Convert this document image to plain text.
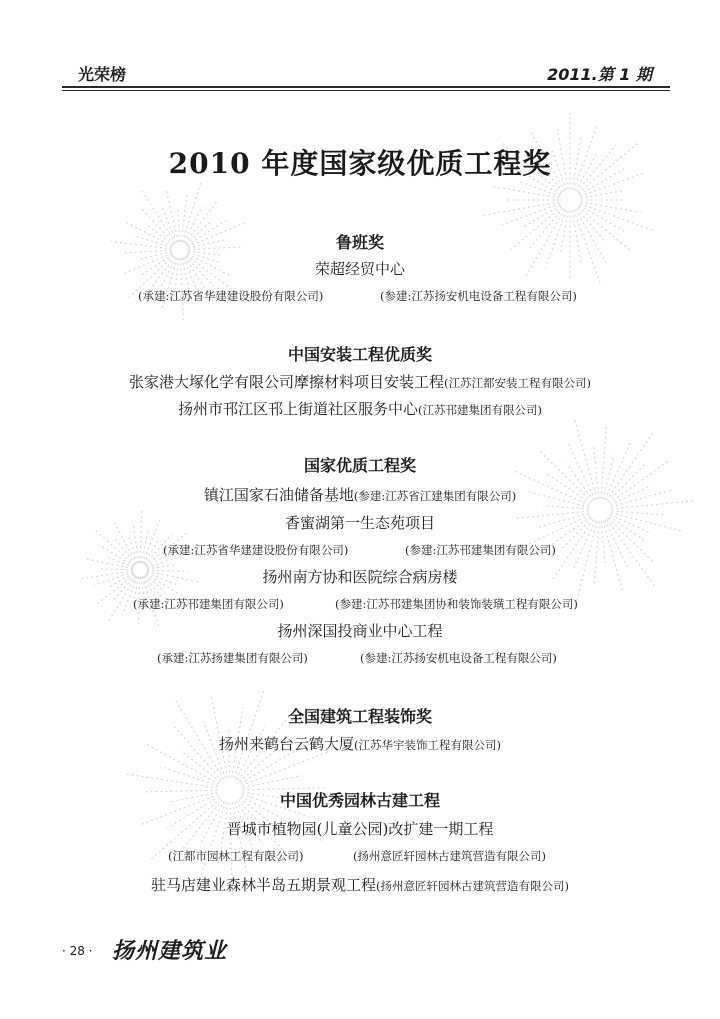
光荣榜	2011.第 1 期
2010 年度国家级优质工程奖
鲁班奖
荣超经贸中心
(承建:江苏省华建建设股份有限公司)	(参建:江苏扬安机电设备工程有限公司)
中国安装工程优质奖
张家港大塚化学有限公司摩擦材料项目安装工程(江苏江都安装工程有限公司)
扬州市邗江区邗上街道社区服务中心(江苏邗建集团有限公司)
国家优质工程奖
镇江国家石油储备基地(参建:江苏省江建集团有限公司)
香蜜湖第一生态苑项目
(承建:江苏省华建建设股份有限公司)	(参建:江苏邗建集团有限公司)
扬州南方协和医院综合病房楼
(承建:江苏邗建集团有限公司)	(参建:江苏邗建集团协和装饰装璜工程有限公司)
扬州深国投商业中心工程
(承建:江苏扬建集团有限公司)	(参建:江苏扬安机电设备工程有限公司)
全国建筑工程装饰奖
扬州来鹤台云鹤大厦(江苏华宇装饰工程有限公司)
中国优秀园林古建工程
晋城市植物园(儿童公园)改扩建一期工程
(江都市园林工程有限公司)	(扬州意匠轩园林古建筑营造有限公司)
驻马店建业森林半岛五期景观工程(扬州意匠轩园林古建筑营造有限公司)
· 28 · 扬州建筑业
